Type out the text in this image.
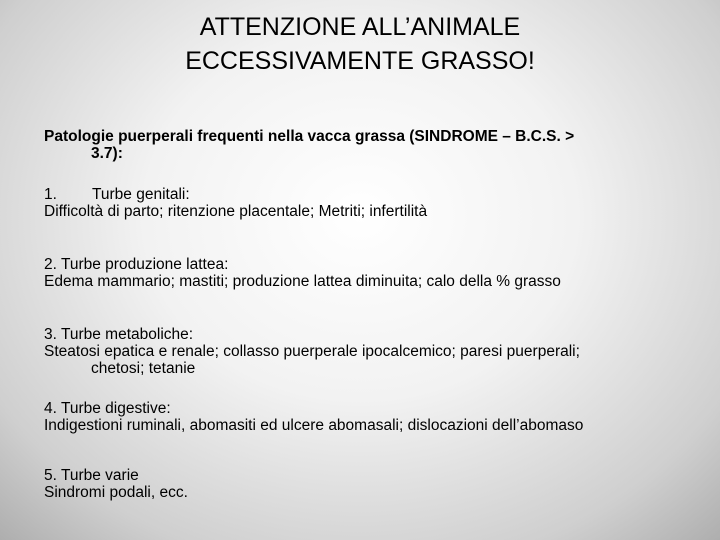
ATTENZIONE ALL’ANIMALE
ECCESSIVAMENTE GRASSO!

Patologie puerperali frequenti nella vacca grassa (SINDROME – B.C.S. >
3.7):

1. Turbe genitali:

Difficoltà di parto; ritenzione placentale; Metriti; infertilità

2. Turbe produzione lattea:

Edema mammario; mastiti; produzione lattea diminuita; calo della % grasso

3. Turbe metaboliche:

Steatosi epatica e renale; collasso puerperale ipocalcemico; paresi puerperali;
chetosi; tetanie

4. Turbe digestive:

Indigestioni ruminali, abomasiti ed ulcere abomasali; dislocazioni dell’abomaso

5. Turbe varie

Sindromi podali, ecc.
